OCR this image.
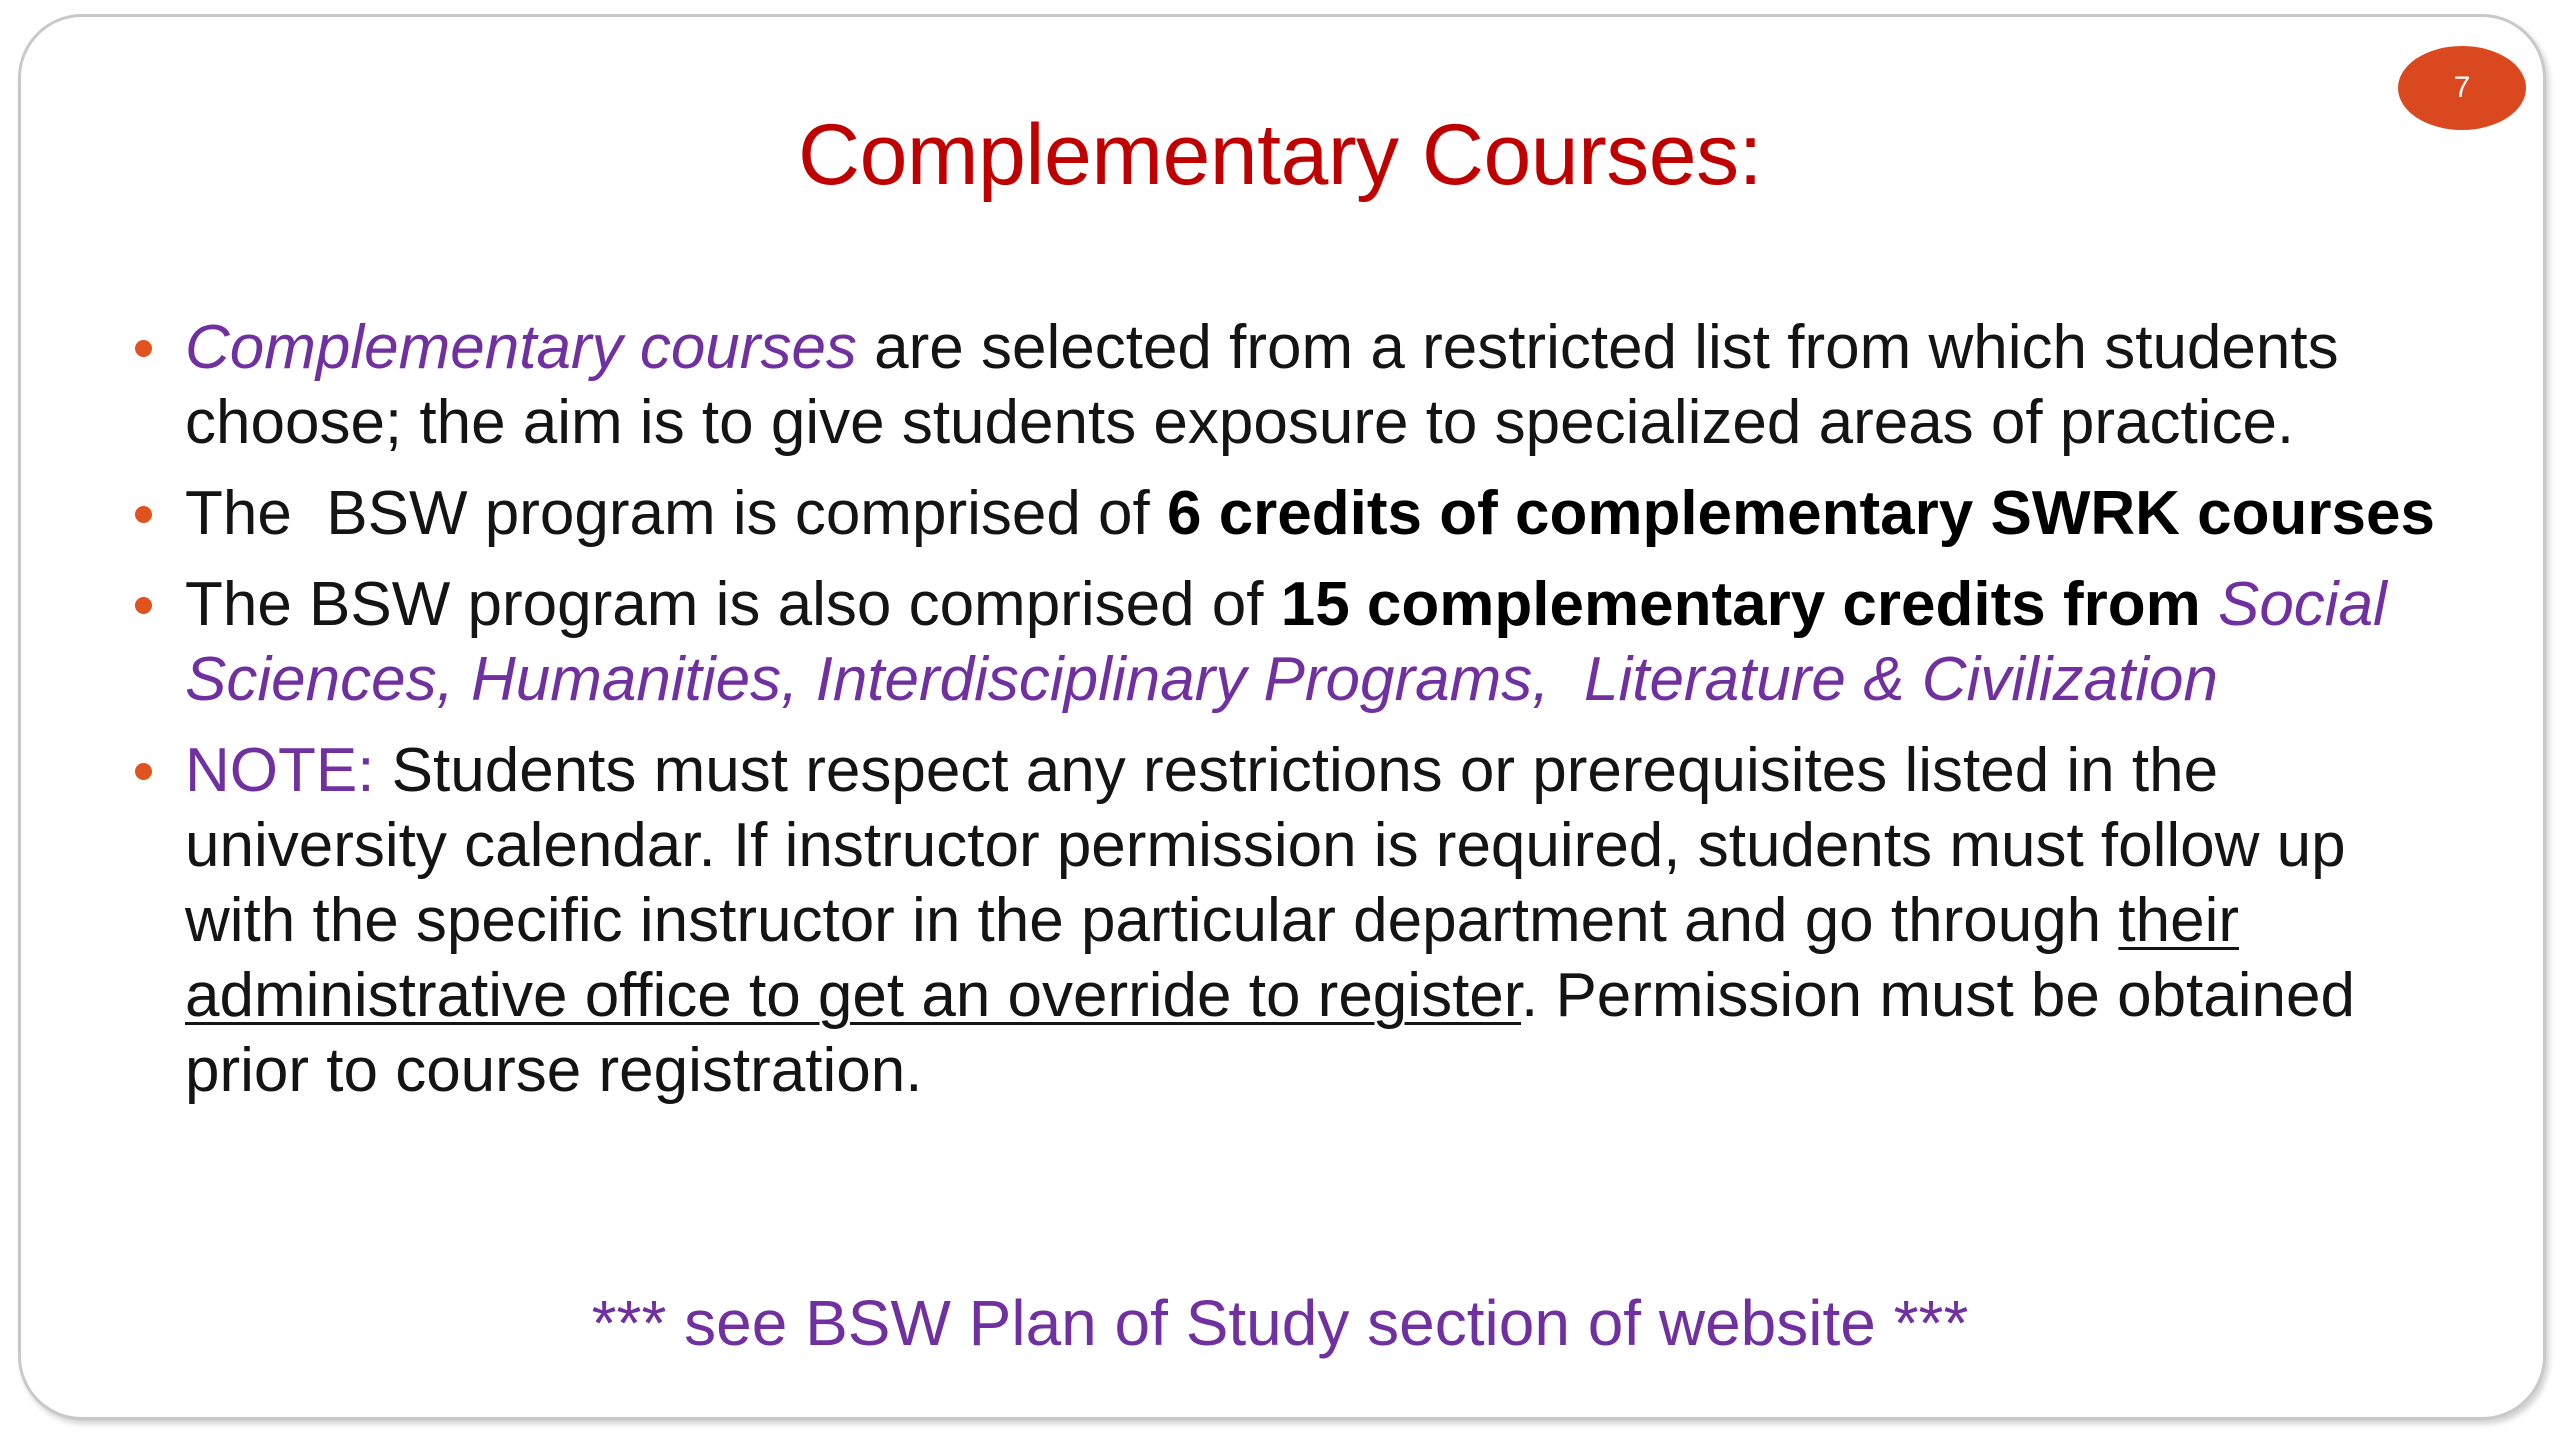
7
Complementary Courses:
Complementary courses are selected from a restricted list from which students choose; the aim is to give students exposure to specialized areas of practice.
The  BSW program is comprised of 6 credits of complementary SWRK courses
The BSW program is also comprised of 15 complementary credits from Social Sciences, Humanities, Interdisciplinary Programs,  Literature & Civilization
NOTE: Students must respect any restrictions or prerequisites listed in the university calendar. If instructor permission is required, students must follow up with the specific instructor in the particular department and go through their administrative office to get an override to register. Permission must be obtained prior to course registration.
*** see BSW Plan of Study section of website ***
